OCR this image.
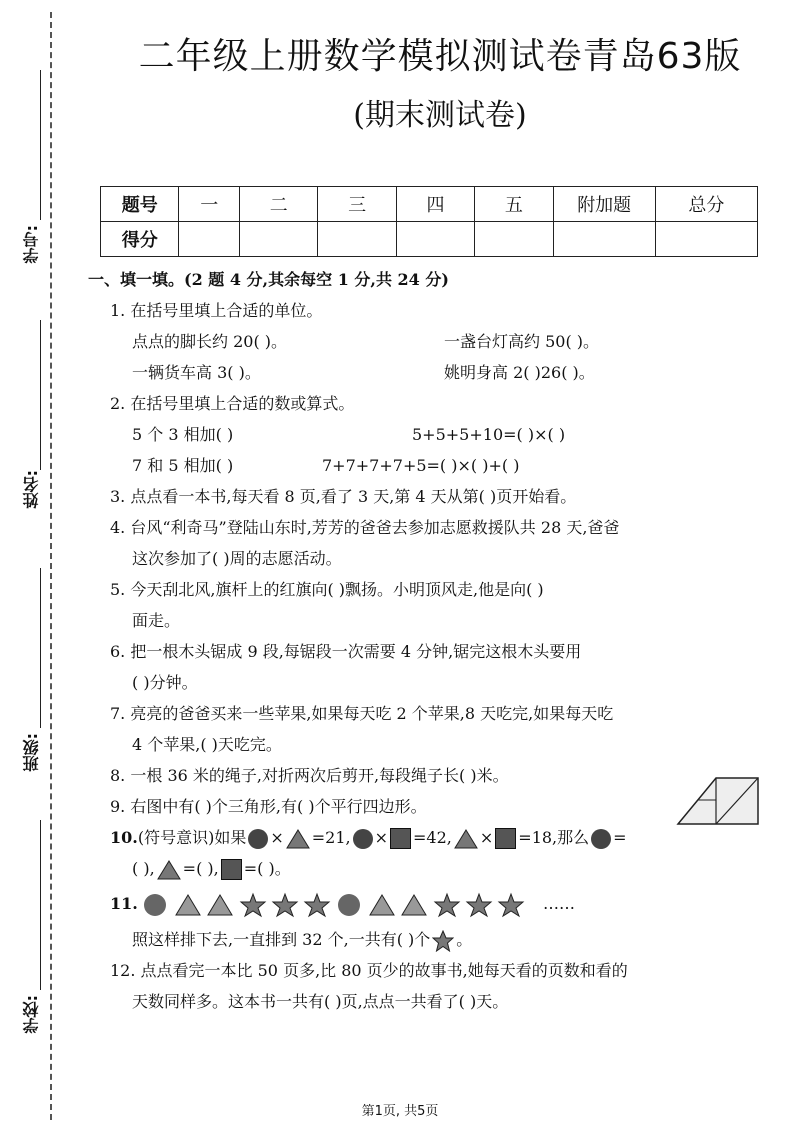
学号:
姓名:
班级:
学校:
二年级上册数学模拟测试卷青岛63版
(期末测试卷)
题号	一	二	三	四	五	附加题	总分
得分							
一、填一填。(2 题 4 分,其余每空 1 分,共 24 分)
1. 在括号里填上合适的单位。
点点的脚长约 20( )。	一盏台灯高约 50( )。
一辆货车高 3( )。	姚明身高 2( )26( )。
2. 在括号里填上合适的数或算式。
5 个 3 相加( )	5+5+5+10=( )×( )
7 和 5 相加( )	7+7+7+7+5=( )×( )+( )
3. 点点看一本书,每天看 8 页,看了 3 天,第 4 天从第( )页开始看。
4. 台风“利奇马”登陆山东时,芳芳的爸爸去参加志愿救援队共 28 天,爸爸
这次参加了( )周的志愿活动。
5. 今天刮北风,旗杆上的红旗向( )飘扬。小明顶风走,他是向( )
面走。
6. 把一根木头锯成 9 段,每锯段一次需要 4 分钟,锯完这根木头要用
( )分钟。
7. 亮亮的爸爸买来一些苹果,如果每天吃 2 个苹果,8 天吃完,如果每天吃
4 个苹果,( )天吃完。
8. 一根 36 米的绳子,对折两次后剪开,每段绳子长( )米。
9. 右图中有( )个三角形,有( )个平行四边形。
10.(符号意识)如果 × =21, × =42, × =18,那么 =
( ), =( ), =( )。
11.	……
照这样排下去,一直排到 32 个,一共有( )个 。
12. 点点看完一本比 50 页多,比 80 页少的故事书,她每天看的页数和看的
天数同样多。这本书一共有( )页,点点一共看了( )天。
第1页, 共5页
